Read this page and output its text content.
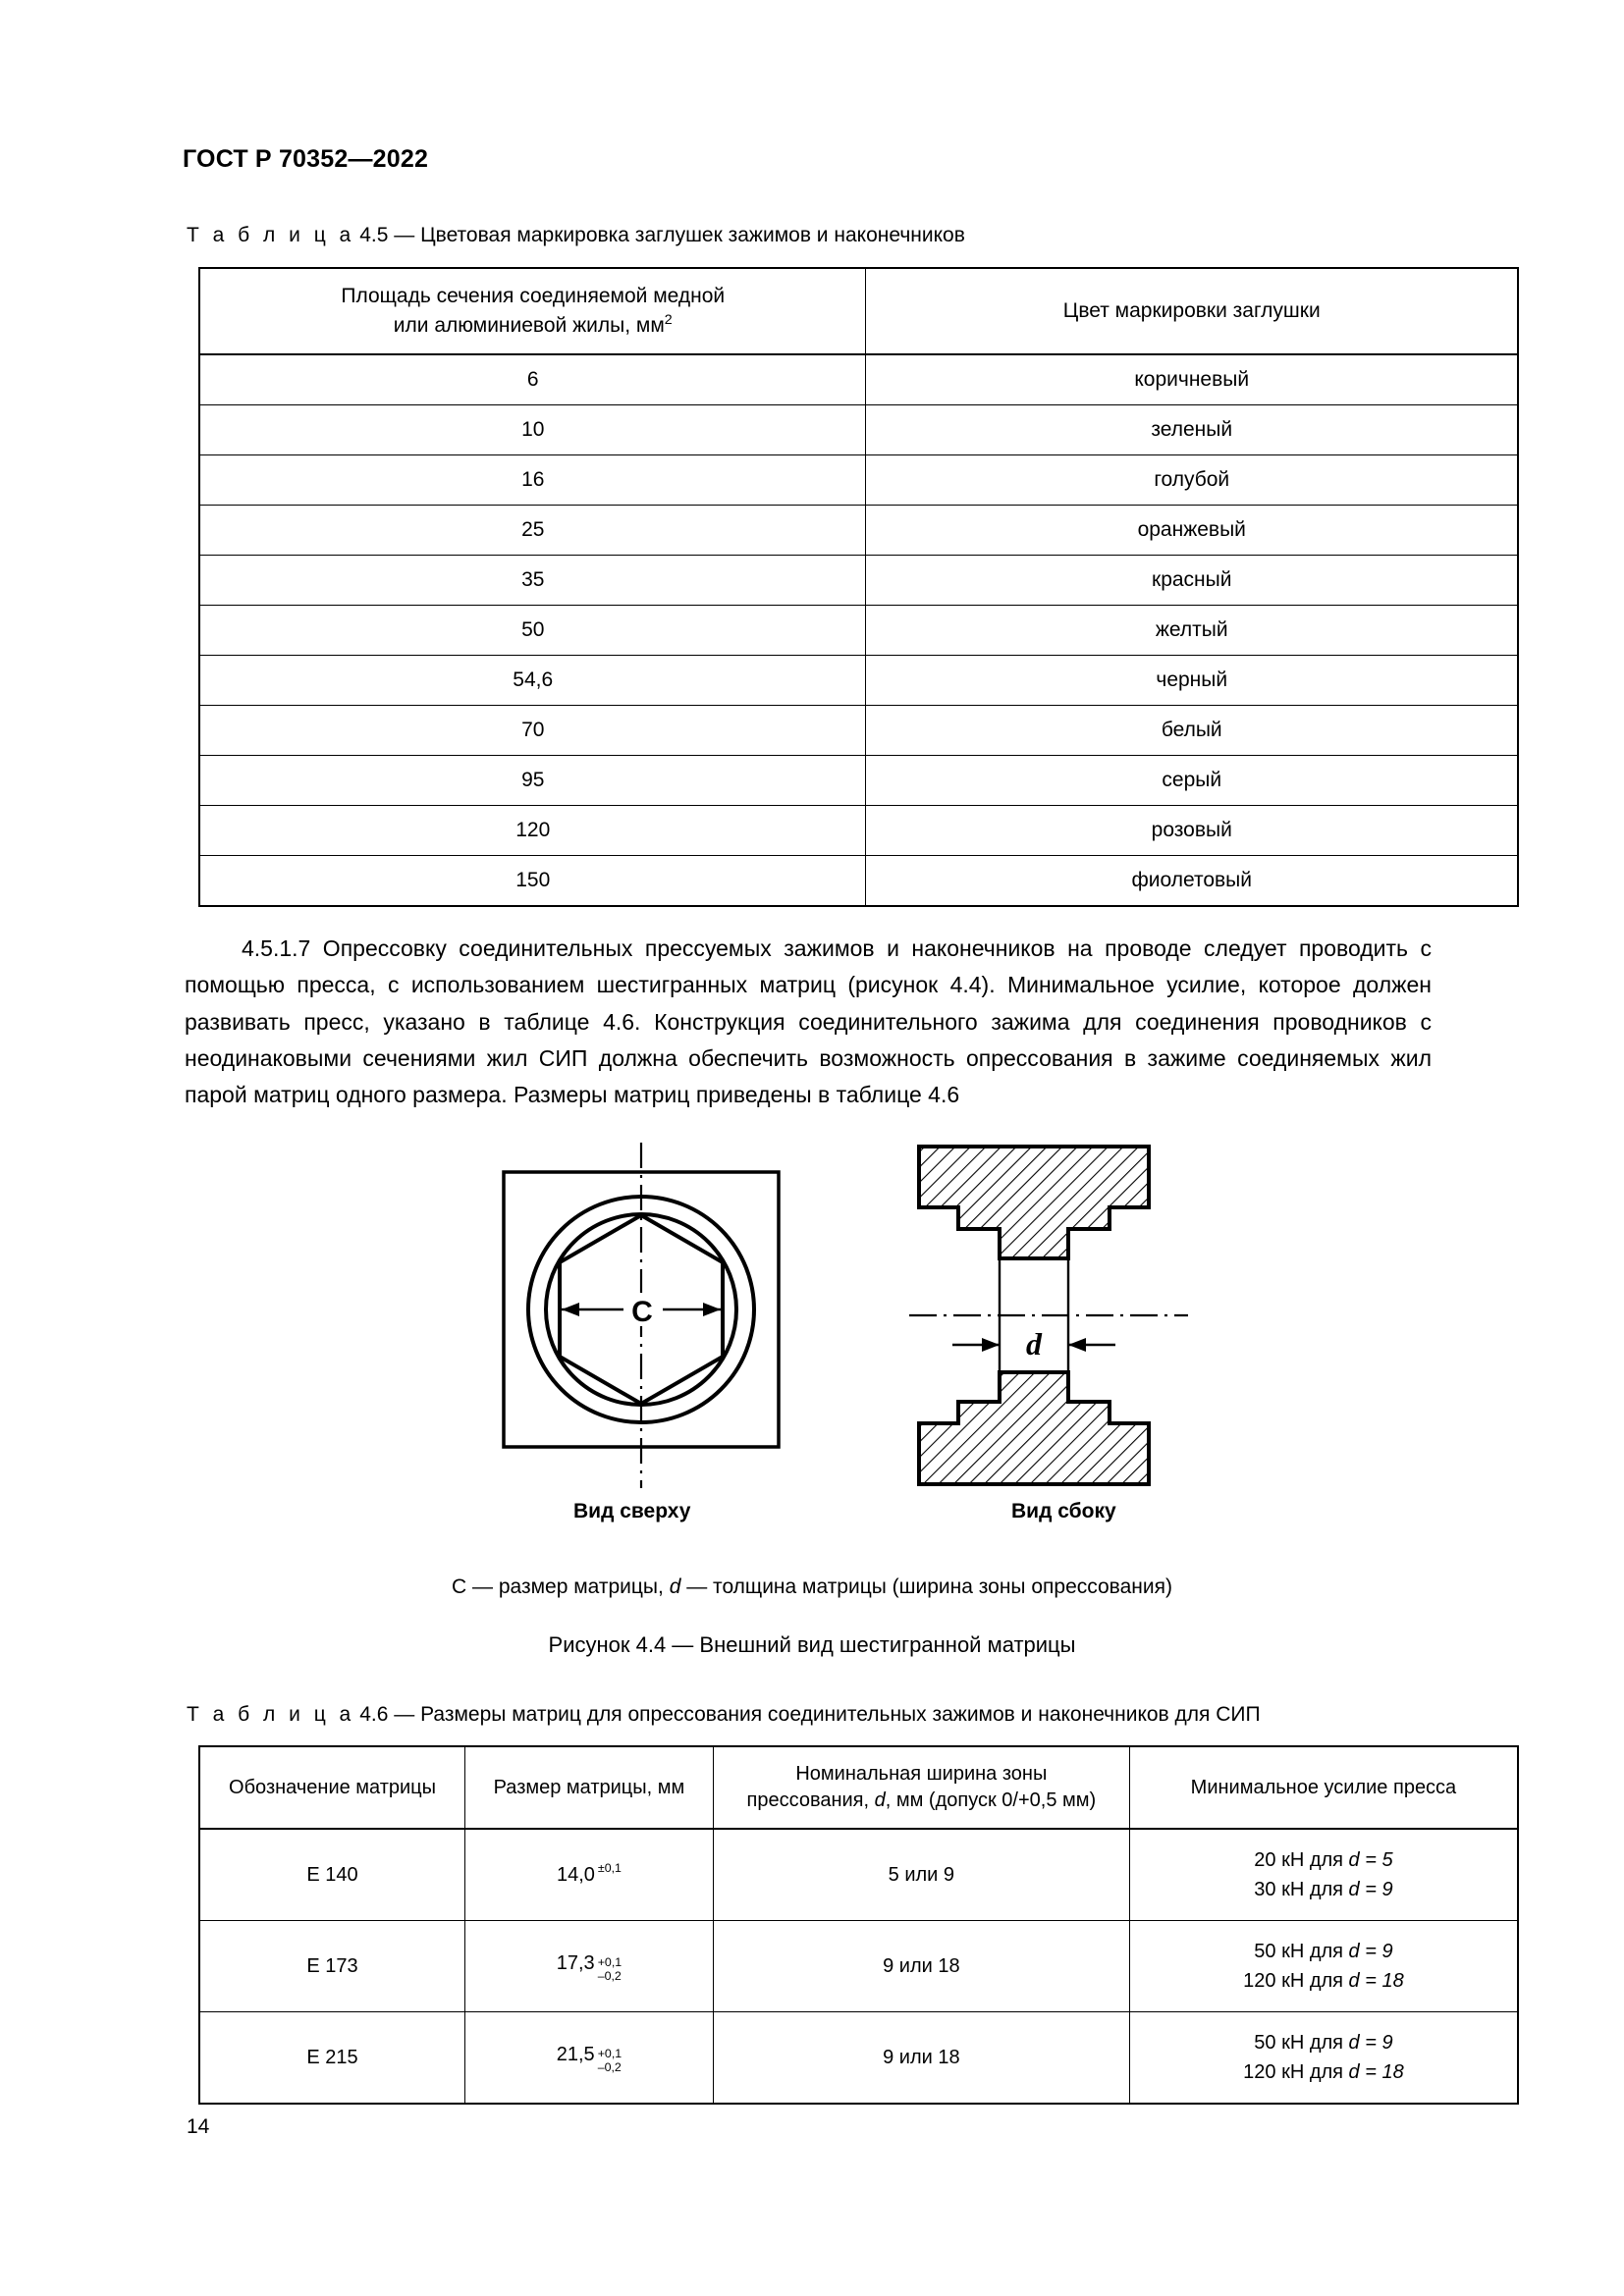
ГОСТ Р 70352—2022
Т а б л и ц а 4.5 — Цветовая маркировка заглушек зажимов и наконечников
Площадь сечения соединяемой медной
или алюминиевой жилы, $мм^2$	Цвет маркировки заглушки
6	коричневый
10	зеленый
16	голубой
25	оранжевый
35	красный
50	желтый
54,6	черный
70	белый
95	серый
120	розовый
150	фиолетовый

4.5.1.7 Опрессовку соединительных прессуемых зажимов и наконечников на проводе следует проводить с помощью пресса, с использованием шестигранных матриц (рисунок 4.4). Минимальное усилие, которое должен развивать пресс, указано в таблице 4.6. Конструкция соединительного зажима для соединения проводников с неодинаковыми сечениями жил СИП должна обеспечить возможность опрессования в зажиме соединяемых жил парой матриц одного размера. Размеры матриц приведены в таблице 4.6

C
d
Вид сверху	Вид сбоку
C — размер матрицы, d — толщина матрицы (ширина зоны опрессования)
Рисунок 4.4 — Внешний вид шестигранной матрицы
Т а б л и ц а 4.6 — Размеры матриц для опрессования соединительных зажимов и наконечников для СИП
Обозначение матрицы	Размер матрицы, мм	Номинальная ширина зоны
прессования, d, мм (допуск 0/+0,5 мм)	Минимальное усилие пресса
E 140	14,0 ±0,1	5 или 9	20 кН для d = 5
30 кН для d = 9
E 173	17,3 +0,1
–0,2	9 или 18	50 кН для d = 9
120 кН для d = 18
E 215	21,5 +0,1
–0,2	9 или 18	50 кН для d = 9
120 кН для d = 18
14
